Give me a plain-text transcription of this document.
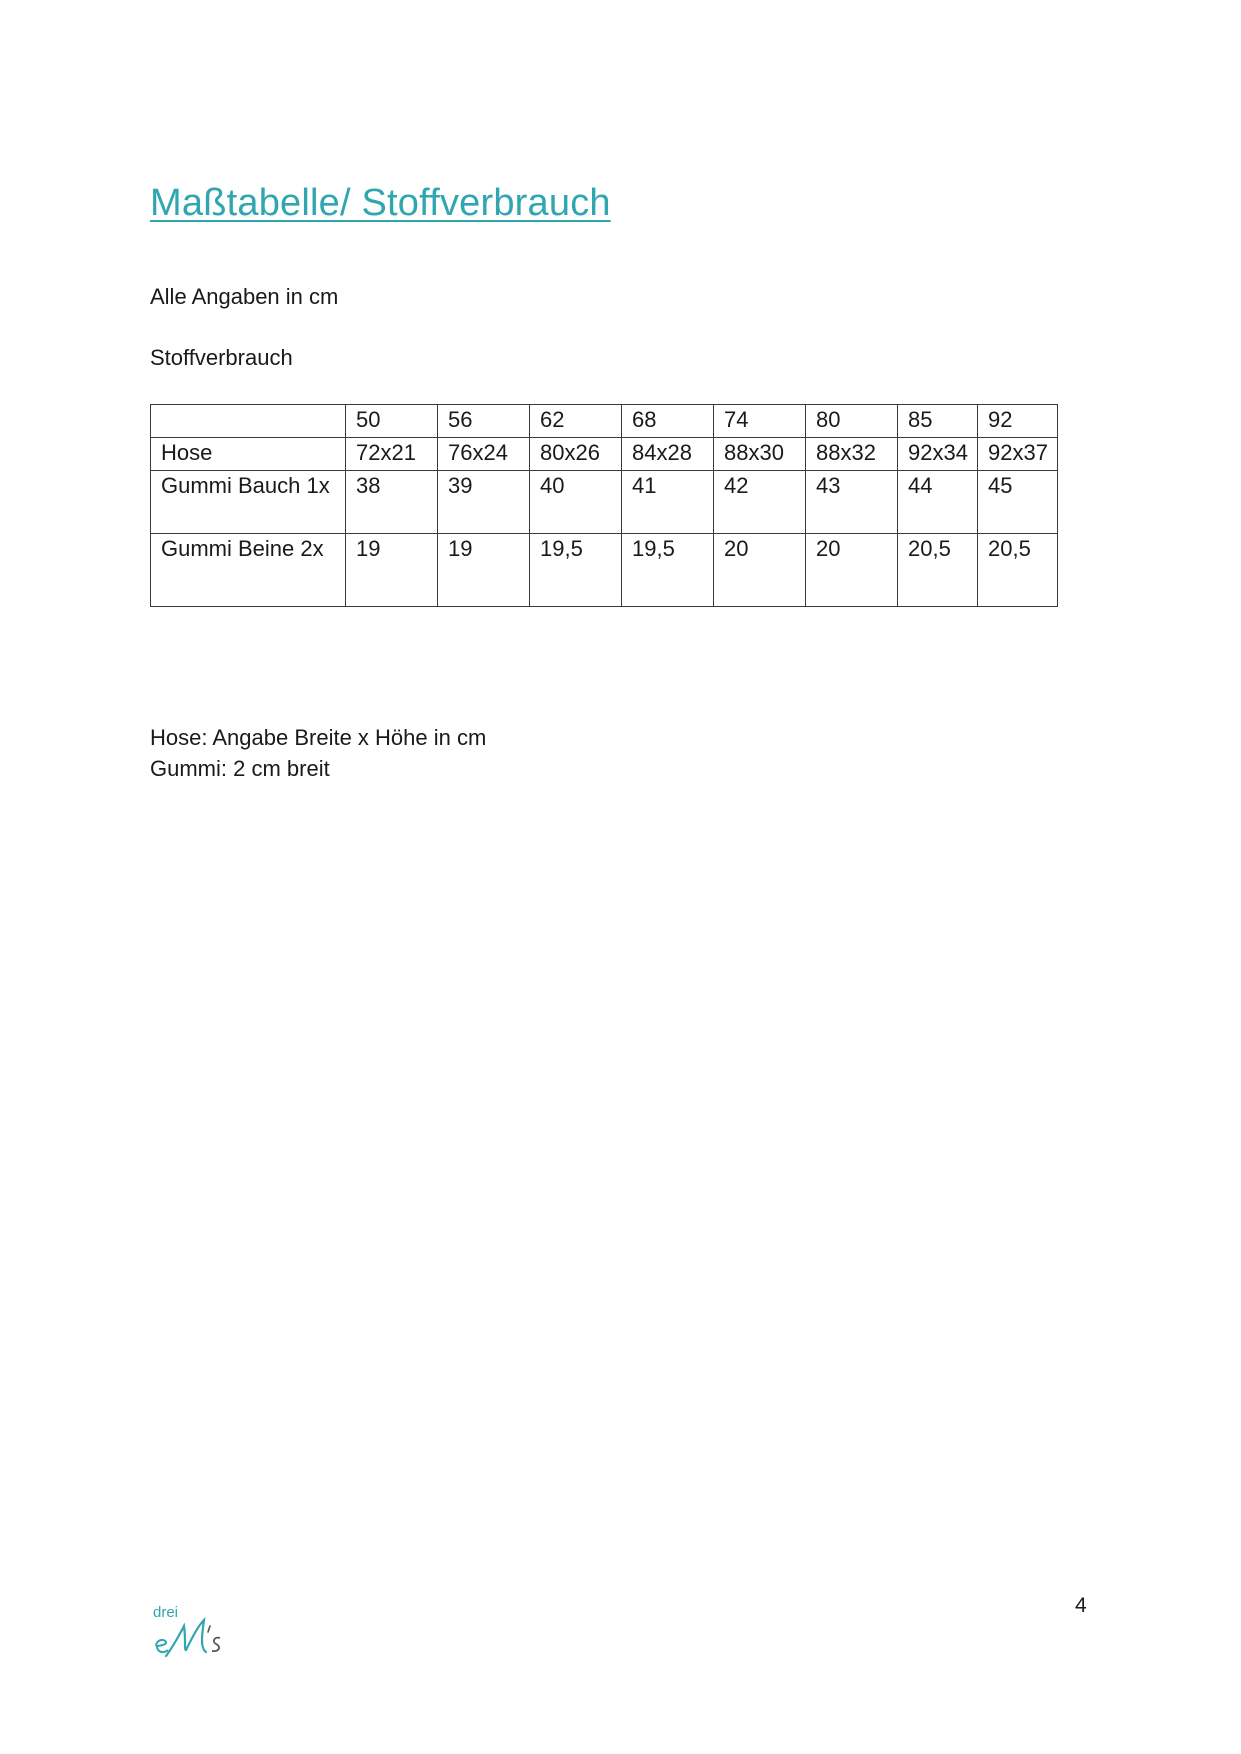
Maßtabelle/ Stoffverbrauch

Alle Angaben in cm

Stoffverbrauch

	50	56	62	68	74	80	85	92
Hose	72x21	76x24	80x26	84x28	88x30	88x32	92x34	92x37
Gummi Bauch 1x	38	39	40	41	42	43	44	45
Gummi Beine 2x	19	19	19,5	19,5	20	20	20,5	20,5

Hose: Angabe Breite x Höhe in cm

Gummi: 2 cm breit

drei	4
